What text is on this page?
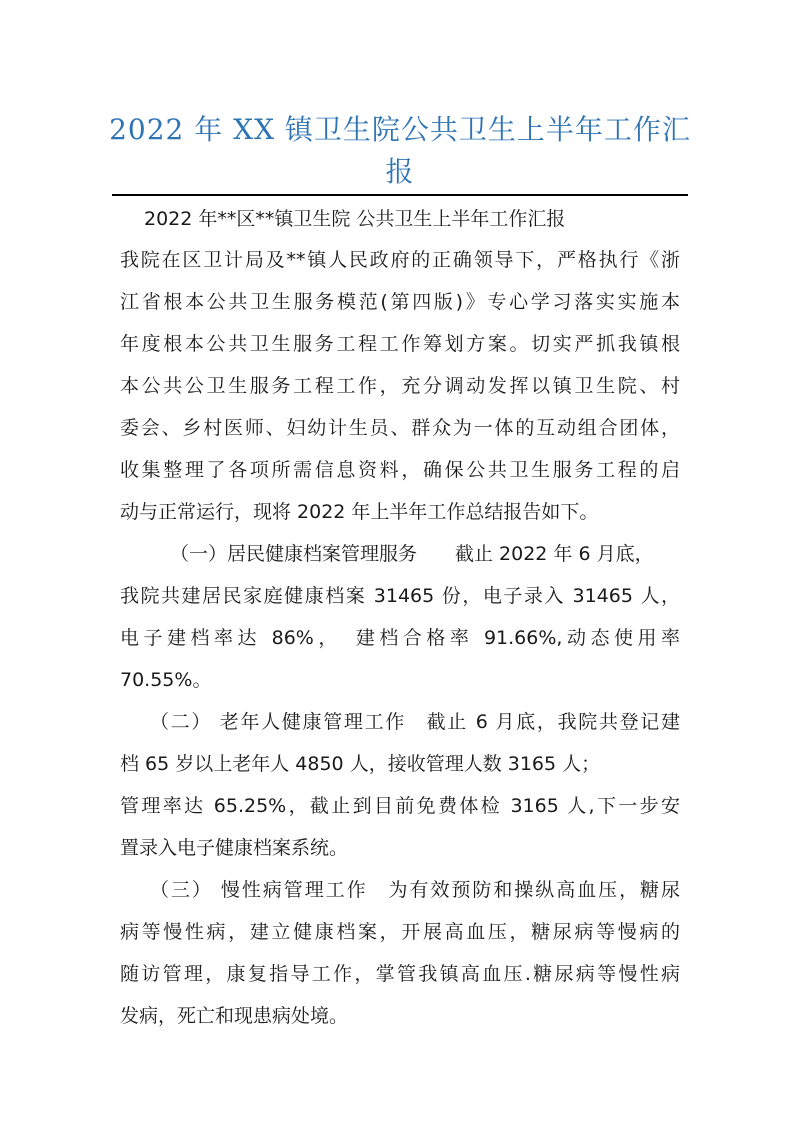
2022 年 XX 镇卫生院公共卫生上半年工作汇
报
2022 年**区**镇卫生院 公共卫生上半年工作汇报
我院在区卫计局及**镇人民政府的正确领导下，严格执行《浙
江省根本公共卫生服务模范(第四版)》专心学习落实实施本
年度根本公共卫生服务工程工作筹划方案。切实严抓我镇根
本公共公卫生服务工程工作，充分调动发挥以镇卫生院、村
委会、乡村医师、妇幼计生员、群众为一体的互动组合团体，
收集整理了各项所需信息资料，确保公共卫生服务工程的启
动与正常运行，现将 2022 年上半年工作总结报告如下。
（一）居民健康档案管理服务　　截止 2022 年 6 月底，
我院共建居民家庭健康档案 31465 份，电子录入 31465 人，
电子建档率达 86%，　建档合格率 91.66%,动态使用率
70.55%。
（二） 老年人健康管理工作　截止 6 月底，我院共登记建
档 65 岁以上老年人 4850 人，接收管理人数 3165 人；
管理率达 65.25%，截止到目前免费体检 3165 人,下一步安
置录入电子健康档案系统。
（三） 慢性病管理工作　为有效预防和操纵高血压，糖尿
病等慢性病，建立健康档案，开展高血压，糖尿病等慢病的
随访管理，康复指导工作，掌管我镇高血压.糖尿病等慢性病
发病，死亡和现患病处境。
